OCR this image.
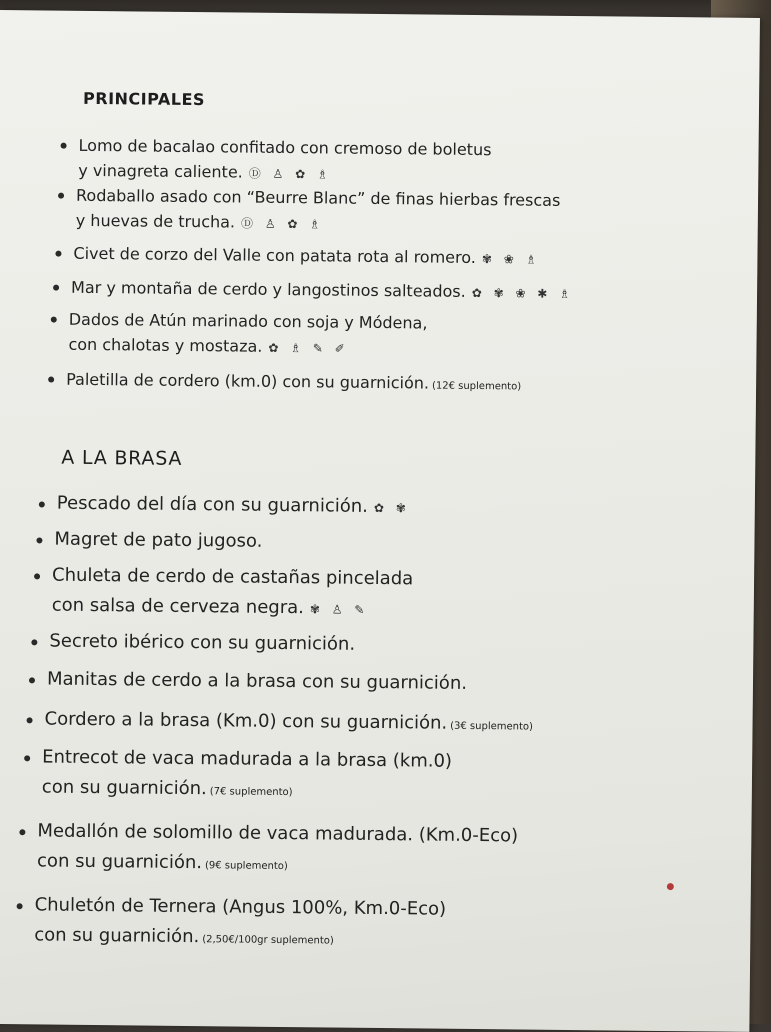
PRINCIPALES
Lomo de bacalao confitado con cremoso de boletus
y vinagreta caliente. Ⓓ ♙ ✿ ♗
Rodaballo asado con “Beurre Blanc” de finas hierbas frescas
y huevas de trucha. Ⓓ ♙ ✿ ♗
Civet de corzo del Valle con patata rota al romero. ✾ ❀ ♗
Mar y montaña de cerdo y langostinos salteados. ✿ ✾ ❀ ✱ ♗
Dados de Atún marinado con soja y Módena,
con chalotas y mostaza. ✿ ♗ ✎ ✐
Paletilla de cordero (km.0) con su guarnición. (12€ suplemento)
A LA BRASA
Pescado del día con su guarnición. ✿ ✾
Magret de pato jugoso.
Chuleta de cerdo de castañas pincelada
con salsa de cerveza negra. ✾ ♙ ✎
Secreto ibérico con su guarnición.
Manitas de cerdo a la brasa con su guarnición.
Cordero a la brasa (Km.0) con su guarnición. (3€ suplemento)
Entrecot de vaca madurada a la brasa (km.0)
con su guarnición. (7€ suplemento)
Medallón de solomillo de vaca madurada. (Km.0-Eco)
con su guarnición. (9€ suplemento)
Chuletón de Ternera (Angus 100%, Km.0-Eco)
con su guarnición. (2,50€/100gr suplemento)
